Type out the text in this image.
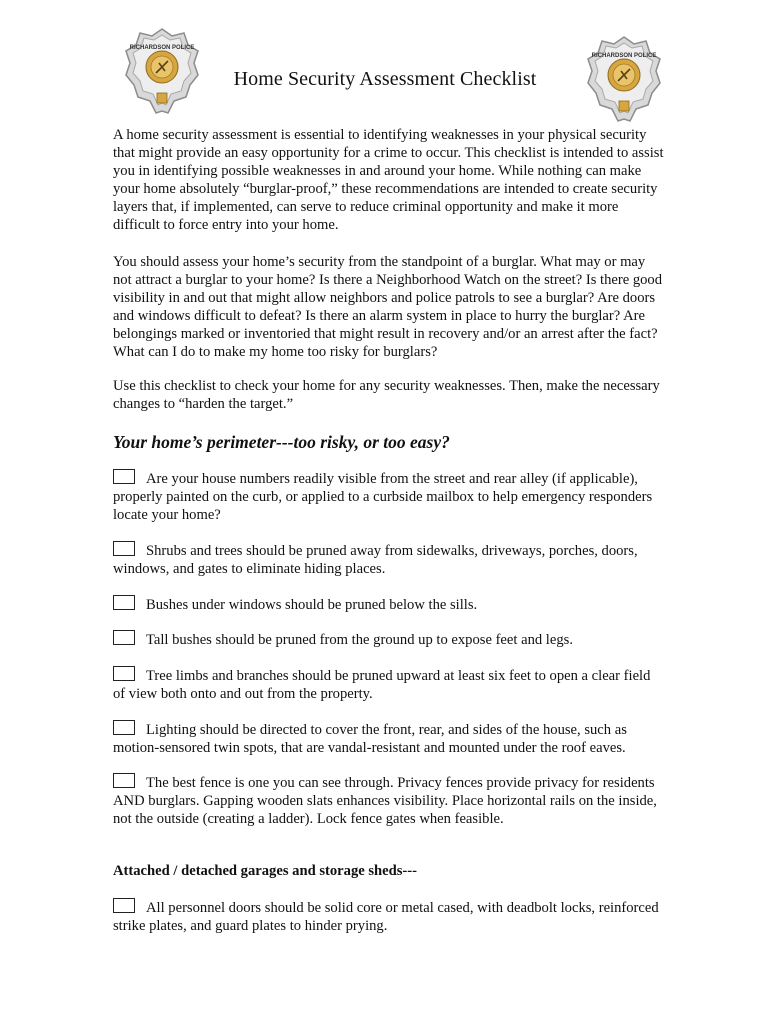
RICHARDSON POLICE
RICHARDSON POLICE
Home Security Assessment Checklist
A home security assessment is essential to identifying weaknesses in your physical security that might provide an easy opportunity for a crime to occur. This checklist is intended to assist you in identifying possible weaknesses in and around your home. While nothing can make your home absolutely “burglar-proof,” these recommendations are intended to create security layers that, if implemented, can serve to reduce criminal opportunity and make it more difficult to force entry into your home.
You should assess your home’s security from the standpoint of a burglar. What may or may not attract a burglar to your home? Is there a Neighborhood Watch on the street? Is there good visibility in and out that might allow neighbors and police patrols to see a burglar? Are doors and windows difficult to defeat? Is there an alarm system in place to hurry the burglar? Are belongings marked or inventoried that might result in recovery and/or an arrest after the fact? What can I do to make my home too risky for burglars?
Use this checklist to check your home for any security weaknesses. Then, make the necessary changes to “harden the target.”
Your home’s perimeter---too risky, or too easy?
Are your house numbers readily visible from the street and rear alley (if applicable), properly painted on the curb, or applied to a curbside mailbox to help emergency responders locate your home?
Shrubs and trees should be pruned away from sidewalks, driveways, porches, doors, windows, and gates to eliminate hiding places.
Bushes under windows should be pruned below the sills.
Tall bushes should be pruned from the ground up to expose feet and legs.
Tree limbs and branches should be pruned upward at least six feet to open a clear field of view both onto and out from the property.
Lighting should be directed to cover the front, rear, and sides of the house, such as motion-sensored twin spots, that are vandal-resistant and mounted under the roof eaves.
The best fence is one you can see through. Privacy fences provide privacy for residents AND burglars. Gapping wooden slats enhances visibility. Place horizontal rails on the inside, not the outside (creating a ladder). Lock fence gates when feasible.
Attached / detached garages and storage sheds---
All personnel doors should be solid core or metal cased, with deadbolt locks, reinforced strike plates, and guard plates to hinder prying.
